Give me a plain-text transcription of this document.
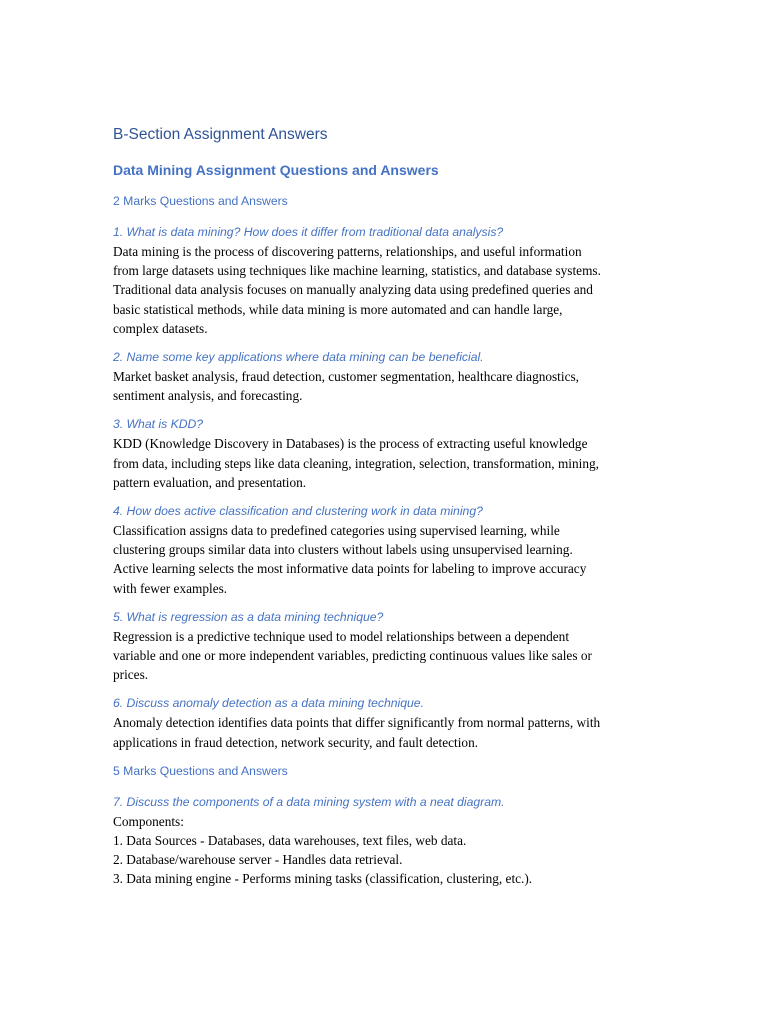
B-Section Assignment Answers
Data Mining Assignment Questions and Answers
2 Marks Questions and Answers
1. What is data mining? How does it differ from traditional data analysis?
Data mining is the process of discovering patterns, relationships, and useful information
from large datasets using techniques like machine learning, statistics, and database systems.
Traditional data analysis focuses on manually analyzing data using predefined queries and
basic statistical methods, while data mining is more automated and can handle large,
complex datasets.
2. Name some key applications where data mining can be beneficial.
Market basket analysis, fraud detection, customer segmentation, healthcare diagnostics,
sentiment analysis, and forecasting.
3. What is KDD?
KDD (Knowledge Discovery in Databases) is the process of extracting useful knowledge
from data, including steps like data cleaning, integration, selection, transformation, mining,
pattern evaluation, and presentation.
4. How does active classification and clustering work in data mining?
Classification assigns data to predefined categories using supervised learning, while
clustering groups similar data into clusters without labels using unsupervised learning.
Active learning selects the most informative data points for labeling to improve accuracy
with fewer examples.
5. What is regression as a data mining technique?
Regression is a predictive technique used to model relationships between a dependent
variable and one or more independent variables, predicting continuous values like sales or
prices.
6. Discuss anomaly detection as a data mining technique.
Anomaly detection identifies data points that differ significantly from normal patterns, with
applications in fraud detection, network security, and fault detection.
5 Marks Questions and Answers
7. Discuss the components of a data mining system with a neat diagram.
Components:
1. Data Sources - Databases, data warehouses, text files, web data.
2. Database/warehouse server - Handles data retrieval.
3. Data mining engine - Performs mining tasks (classification, clustering, etc.).
